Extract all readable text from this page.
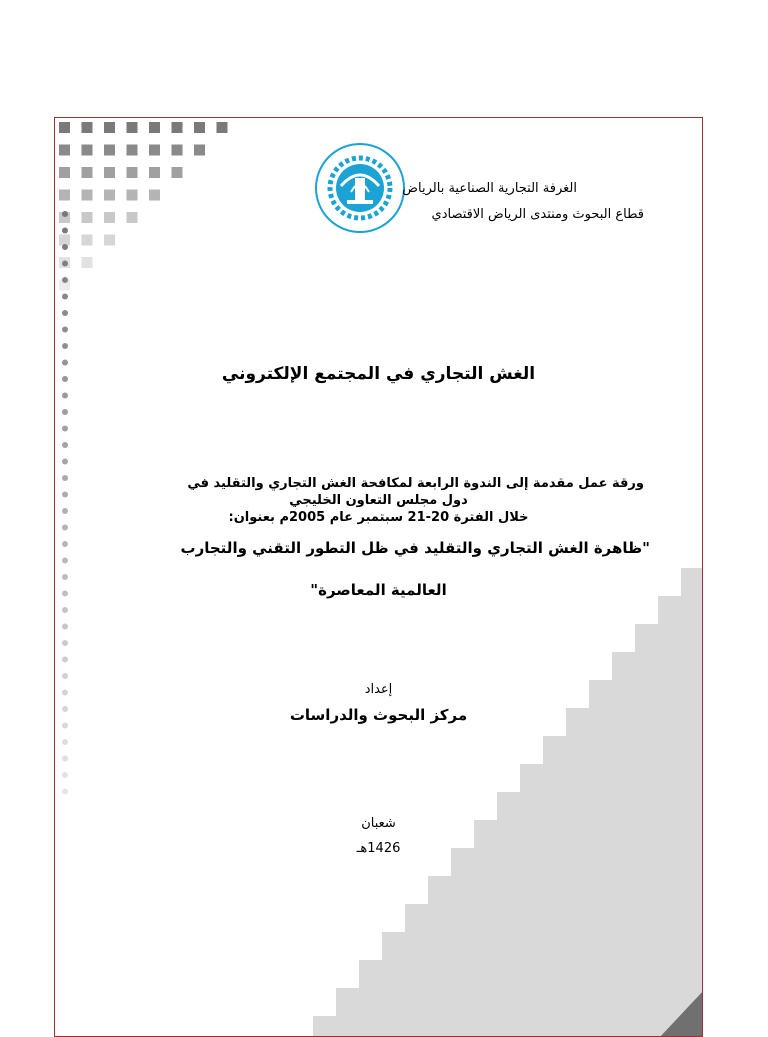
الغرفة التجارية الصناعية بالرياض
قطاع البحوث ومنتدى الرياض الاقتصادي
الغش التجاري في المجتمع الإلكتروني
ورقة عمل مقدمة إلى الندوة الرابعة لمكافحة الغش التجاري والتقليد في
دول مجلس التعاون الخليجي
خلال الفترة 20-21 سبتمبر عام 2005م بعنوان:
"ظاهرة الغش التجاري والتقليد في ظل التطور التقني والتجارب
العالمية المعاصرة"
إعداد
مركز البحوث والدراسات
شعبان
1426هـ
